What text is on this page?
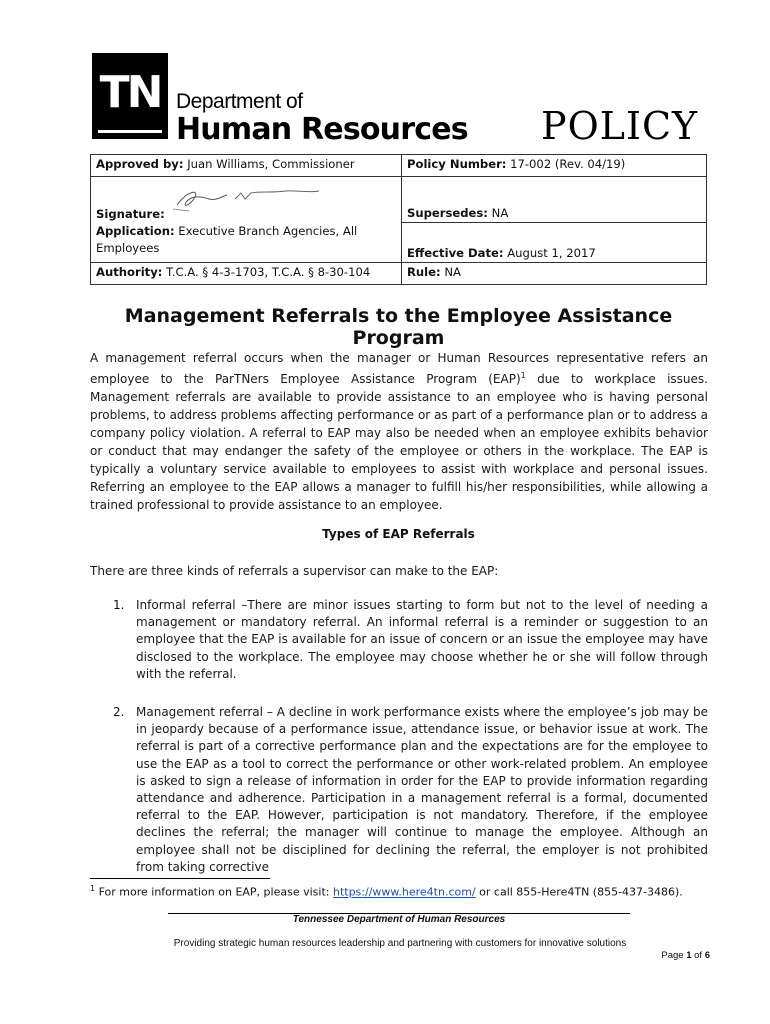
TN Department of
Human Resources POLICY
Approved by: Juan Williams, Commissioner	Policy Number: 17-002 (Rev. 04/19)

Signature:	Supersedes: NA
Application: Executive Branch Agencies, All Employees	Effective Date: August 1, 2017
Authority: T.C.A. § 4-3-1703, T.C.A. § 8-30-104	Rule: NA
Management Referrals to the Employee Assistance Program
A management referral occurs when the manager or Human Resources representative refers an employee to the ParTNers Employee Assistance Program (EAP)$^1$ due to workplace issues. Management referrals are available to provide assistance to an employee who is having personal problems, to address problems affecting performance or as part of a performance plan or to address a company policy violation. A referral to EAP may also be needed when an employee exhibits behavior or conduct that may endanger the safety of the employee or others in the workplace. The EAP is typically a voluntary service available to employees to assist with workplace and personal issues. Referring an employee to the EAP allows a manager to fulfill his/her responsibilities, while allowing a trained professional to provide assistance to an employee.
Types of EAP Referrals
There are three kinds of referrals a supervisor can make to the EAP:
1. Informal referral –There are minor issues starting to form but not to the level of needing a management or mandatory referral. An informal referral is a reminder or suggestion to an employee that the EAP is available for an issue of concern or an issue the employee may have disclosed to the workplace. The employee may choose whether he or she will follow through with the referral.
2. Management referral – A decline in work performance exists where the employee’s job may be in jeopardy because of a performance issue, attendance issue, or behavior issue at work. The referral is part of a corrective performance plan and the expectations are for the employee to use the EAP as a tool to correct the performance or other work-related problem. An employee is asked to sign a release of information in order for the EAP to provide information regarding attendance and adherence. Participation in a management referral is a formal, documented referral to the EAP. However, participation is not mandatory. Therefore, if the employee declines the referral; the manager will continue to manage the employee. Although an employee shall not be disciplined for declining the referral, the employer is not prohibited from taking corrective
$^1$ For more information on EAP, please visit: https://www.here4tn.com/ or call 855-Here4TN (855-437-3486).
Tennessee Department of Human Resources
Providing strategic human resources leadership and partnering with customers for innovative solutions
Page 1 of 6
